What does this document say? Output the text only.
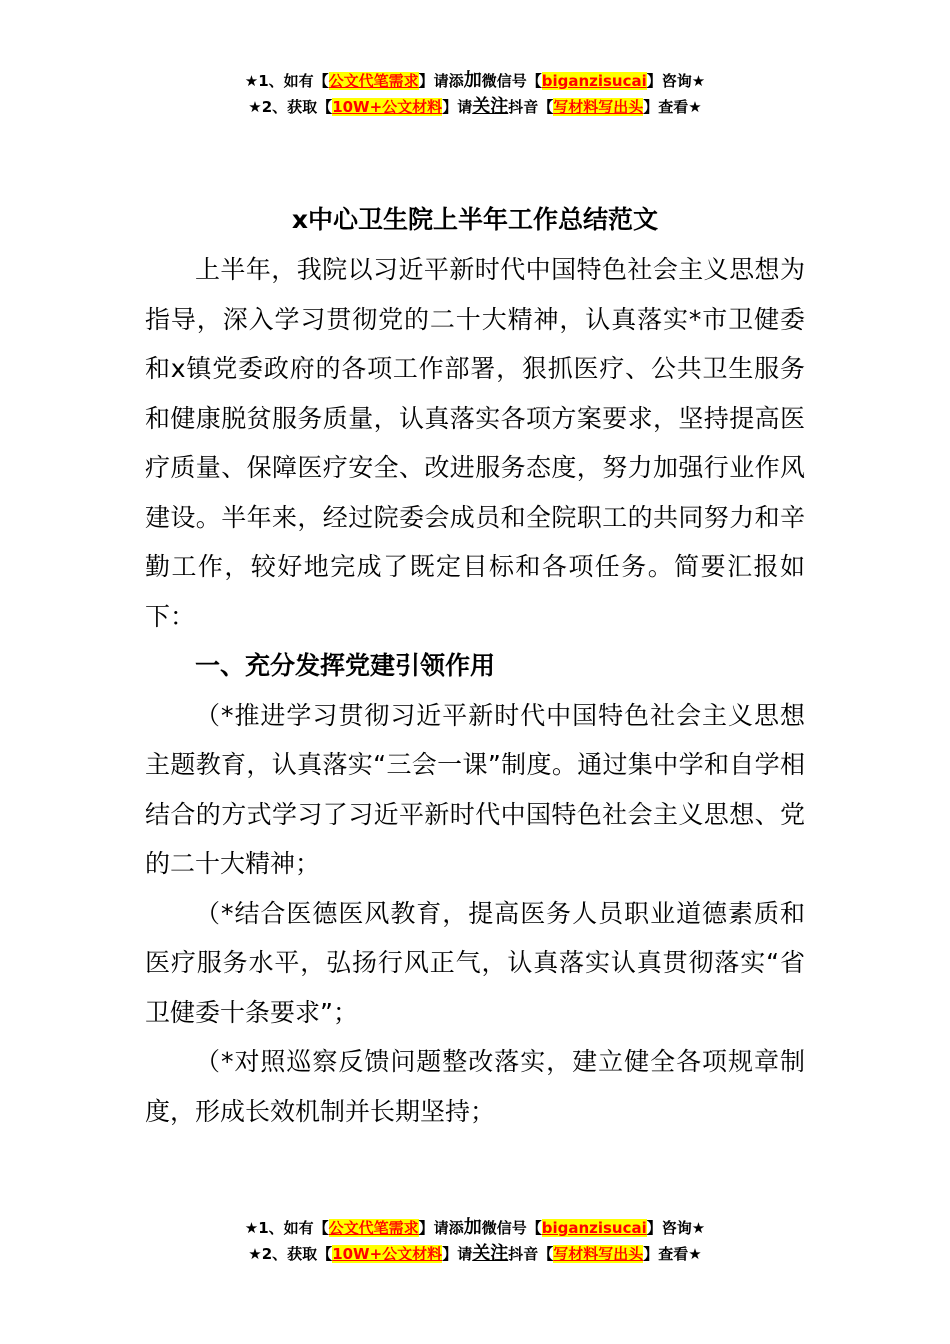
★1、如有【公文代笔需求】请添加微信号【biganzisucai】咨询★
★2、获取【10W+公文材料】请关注抖音【写材料写出头】查看★
x中心卫生院上半年工作总结范文

上半年，我院以习近平新时代中国特色社会主义思想为指导，深入学习贯彻党的二十大精神，认真落实*市卫健委和x镇党委政府的各项工作部署，狠抓医疗、公共卫生服务和健康脱贫服务质量，认真落实各项方案要求，坚持提高医疗质量、保障医疗安全、改进服务态度，努力加强行业作风建设。半年来，经过院委会成员和全院职工的共同努力和辛勤工作，较好地完成了既定目标和各项任务。简要汇报如下：

一、充分发挥党建引领作用

（*推进学习贯彻习近平新时代中国特色社会主义思想主题教育，认真落实“三会一课”制度。通过集中学和自学相结合的方式学习了习近平新时代中国特色社会主义思想、党的二十大精神；

（*结合医德医风教育，提高医务人员职业道德素质和医疗服务水平，弘扬行风正气，认真落实认真贯彻落实“省卫健委十条要求”；

（*对照巡察反馈问题整改落实，建立健全各项规章制度，形成长效机制并长期坚持；

★1、如有【公文代笔需求】请添加微信号【biganzisucai】咨询★
★2、获取【10W+公文材料】请关注抖音【写材料写出头】查看★
